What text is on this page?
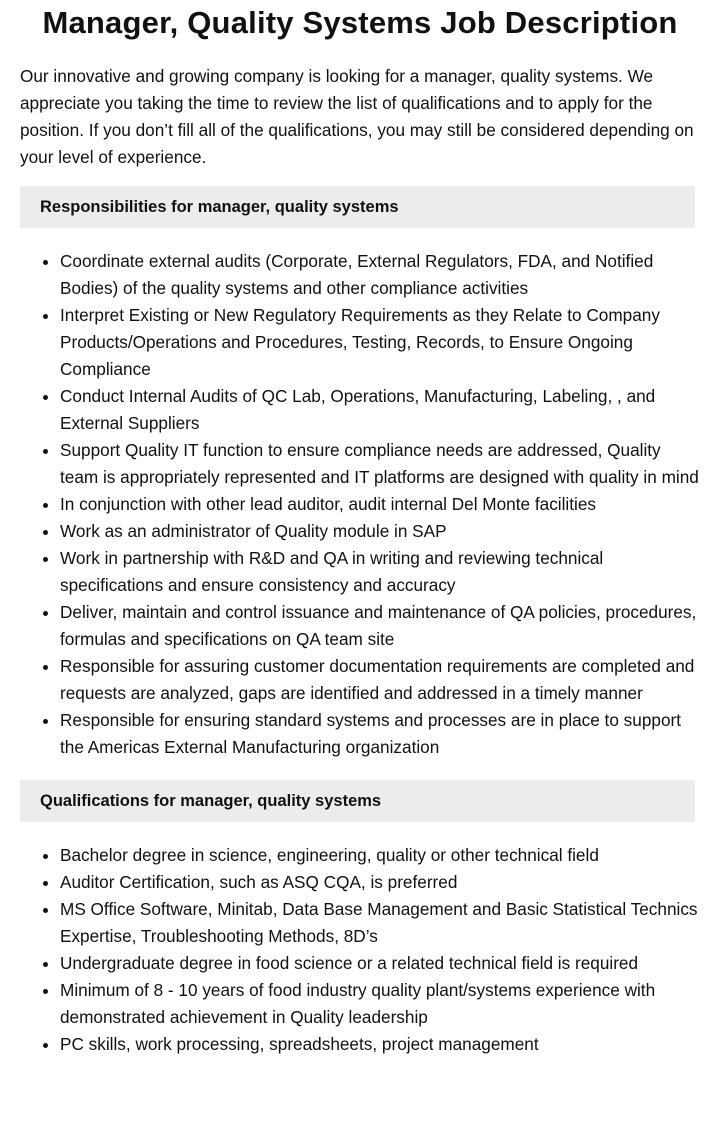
Manager, Quality Systems Job Description

Our innovative and growing company is looking for a manager, quality systems. We appreciate you taking the time to review the list of qualifications and to apply for the position. If you don’t fill all of the qualifications, you may still be considered depending on your level of experience.

Responsibilities for manager, quality systems
• Coordinate external audits (Corporate, External Regulators, FDA, and Notified Bodies) of the quality systems and other compliance activities
• Interpret Existing or New Regulatory Requirements as they Relate to Company Products/Operations and Procedures, Testing, Records, to Ensure Ongoing Compliance
• Conduct Internal Audits of QC Lab, Operations, Manufacturing, Labeling, , and External Suppliers
• Support Quality IT function to ensure compliance needs are addressed, Quality team is appropriately represented and IT platforms are designed with quality in mind
• In conjunction with other lead auditor, audit internal Del Monte facilities
• Work as an administrator of Quality module in SAP
• Work in partnership with R&D and QA in writing and reviewing technical specifications and ensure consistency and accuracy
• Deliver, maintain and control issuance and maintenance of QA policies, procedures, formulas and specifications on QA team site
• Responsible for assuring customer documentation requirements are completed and requests are analyzed, gaps are identified and addressed in a timely manner
• Responsible for ensuring standard systems and processes are in place to support the Americas External Manufacturing organization
Qualifications for manager, quality systems
• Bachelor degree in science, engineering, quality or other technical field
• Auditor Certification, such as ASQ CQA, is preferred
• MS Office Software, Minitab, Data Base Management and Basic Statistical Technics Expertise, Troubleshooting Methods, 8D’s
• Undergraduate degree in food science or a related technical field is required
• Minimum of 8 - 10 years of food industry quality plant/systems experience with demonstrated achievement in Quality leadership
• PC skills, work processing, spreadsheets, project management
